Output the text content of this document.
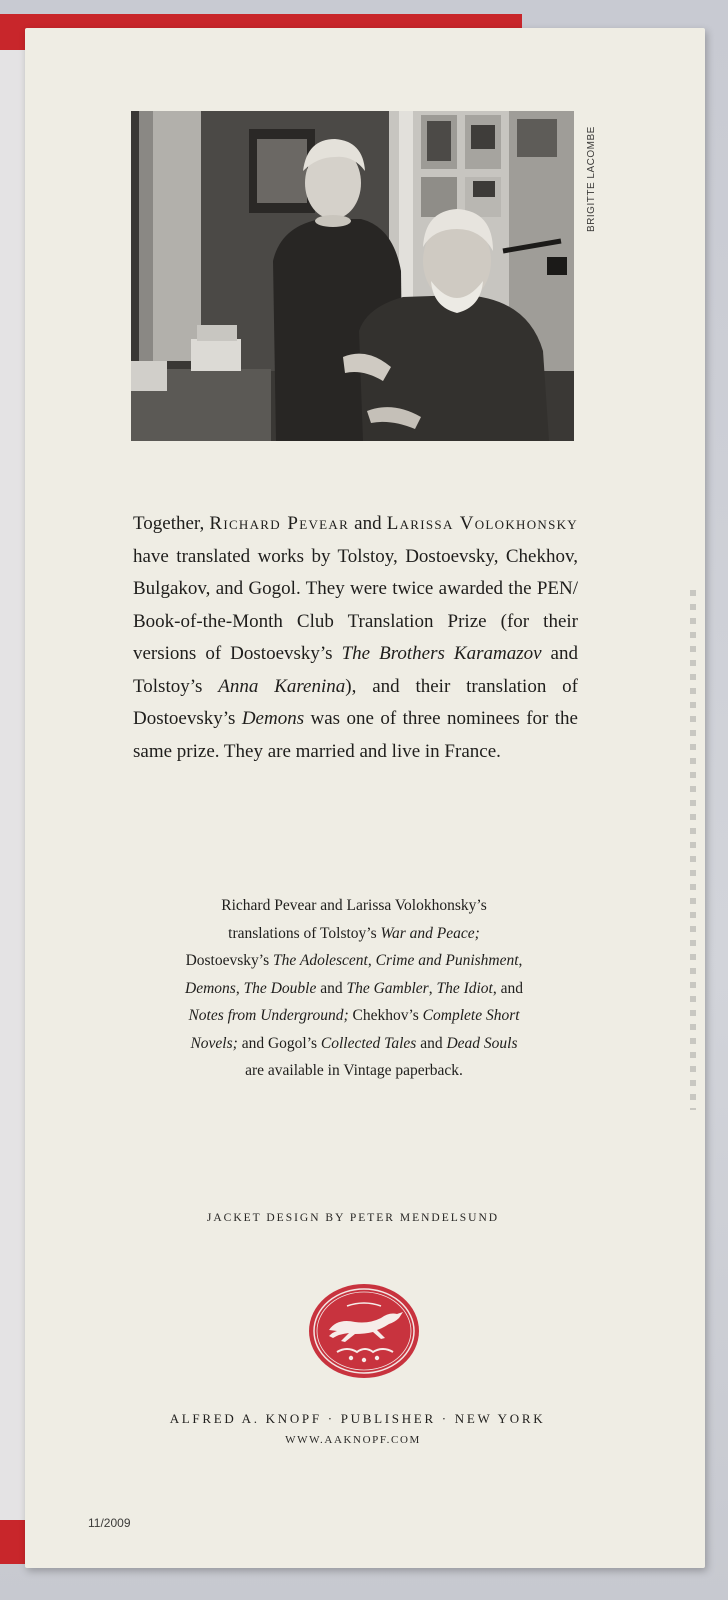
BRIGITTE LACOMBE

Together, Richard Pevear and Larissa Volokhonsky have translated works by Tolstoy, Dostoevsky, Chekhov, Bulgakov, and Gogol. They were twice awarded the PEN/ Book-of-the-Month Club Translation Prize (for their versions of Dostoevsky’s The Brothers Karamazov and Tolstoy’s Anna Karenina), and their translation of Dostoevsky’s Demons was one of three nominees for the same prize. They are married and live in France.

Richard Pevear and Larissa Volokhonsky’s
translations of Tolstoy’s War and Peace;
Dostoevsky’s The Adolescent, Crime and Punishment,
Demons, The Double and The Gambler, The Idiot, and
Notes from Underground; Chekhov’s Complete Short
Novels; and Gogol’s Collected Tales and Dead Souls
are available in Vintage paperback.

JACKET DESIGN BY PETER MENDELSUND

ALFRED A. KNOPF · PUBLISHER · NEW YORK

WWW.AAKNOPF.COM

11/2009
